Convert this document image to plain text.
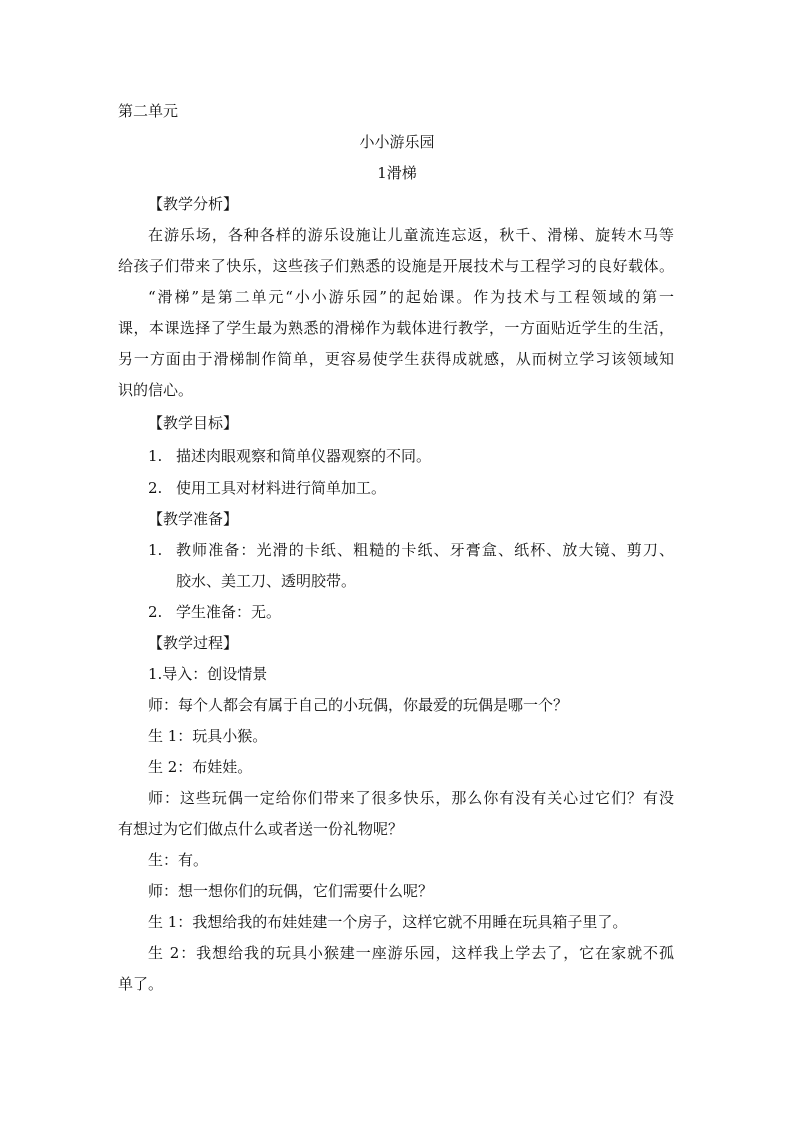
第二单元
小小游乐园
1滑梯
【教学分析】
在游乐场，各种各样的游乐设施让儿童流连忘返，秋千、滑梯、旋转木马等
给孩子们带来了快乐，这些孩子们熟悉的设施是开展技术与工程学习的良好载体。
“滑梯”是第二单元“小小游乐园”的起始课。作为技术与工程领域的第一
课，本课选择了学生最为熟悉的滑梯作为载体进行教学，一方面贴近学生的生活，
另一方面由于滑梯制作简单，更容易使学生获得成就感，从而树立学习该领域知
识的信心。
【教学目标】
1. 描述肉眼观察和简单仪器观察的不同。
2. 使用工具对材料进行简单加工。
【教学准备】
1. 教师准备：光滑的卡纸、粗糙的卡纸、牙膏盒、纸杯、放大镜、剪刀、
胶水、美工刀、透明胶带。
2. 学生准备：无。
【教学过程】
1.导入：创设情景
师：每个人都会有属于自己的小玩偶，你最爱的玩偶是哪一个？
生 1：玩具小猴。
生 2：布娃娃。
师：这些玩偶一定给你们带来了很多快乐，那么你有没有关心过它们？有没
有想过为它们做点什么或者送一份礼物呢？
生：有。
师：想一想你们的玩偶，它们需要什么呢？
生 1：我想给我的布娃娃建一个房子，这样它就不用睡在玩具箱子里了。
生 2：我想给我的玩具小猴建一座游乐园，这样我上学去了，它在家就不孤
单了。
